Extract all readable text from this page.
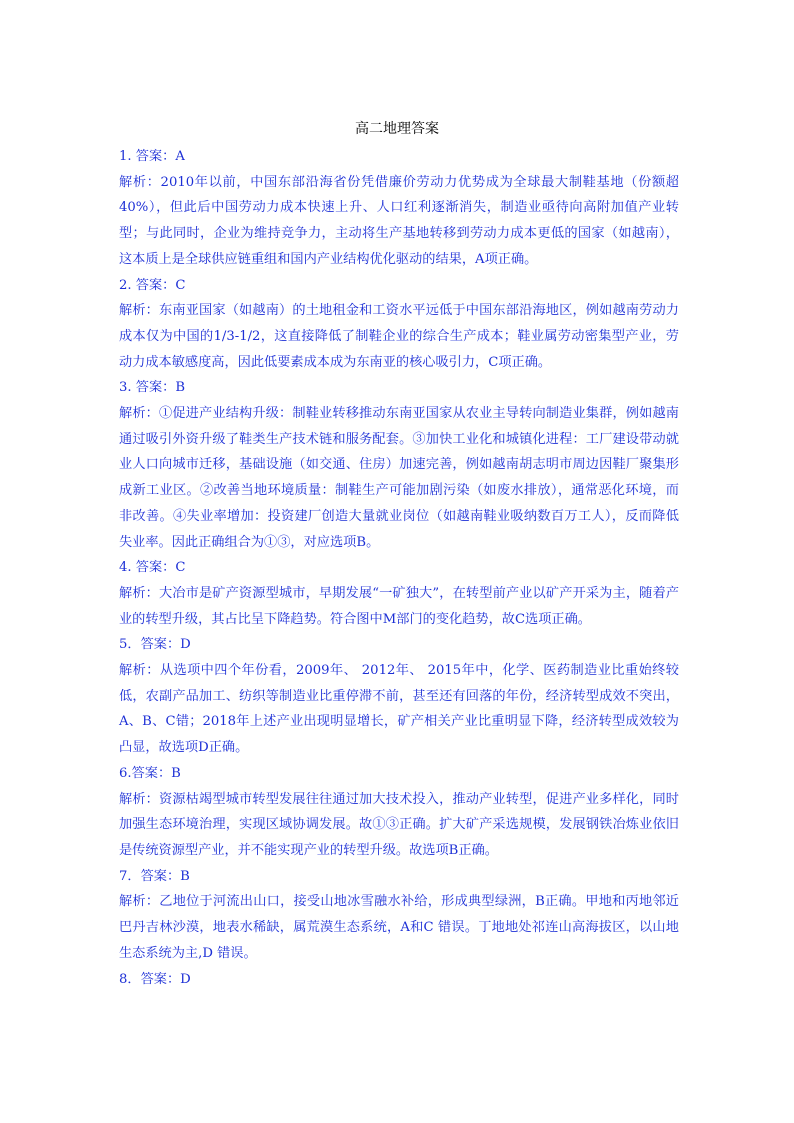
高二地理答案

1. 答案：A

解析：2010年以前，中国东部沿海省份凭借廉价劳动力优势成为全球最大制鞋基地（份额超40%），但此后中国劳动力成本快速上升、人口红利逐渐消失，制造业亟待向高附加值产业转型；与此同时，企业为维持竞争力，主动将生产基地转移到劳动力成本更低的国家（如越南），这本质上是全球供应链重组和国内产业结构优化驱动的结果，A项正确。

2. 答案：C

解析：东南亚国家（如越南）的土地租金和工资水平远低于中国东部沿海地区，例如越南劳动力成本仅为中国的1/3-1/2，这直接降低了制鞋企业的综合生产成本；鞋业属劳动密集型产业，劳动力成本敏感度高，因此低要素成本成为东南亚的核心吸引力，C项正确。

3. 答案：B

解析：①促进产业结构升级：制鞋业转移推动东南亚国家从农业主导转向制造业集群，例如越南通过吸引外资升级了鞋类生产技术链和服务配套。③加快工业化和城镇化进程：工厂建设带动就业人口向城市迁移，基础设施（如交通、住房）加速完善，例如越南胡志明市周边因鞋厂聚集形成新工业区。②改善当地环境质量：制鞋生产可能加剧污染（如废水排放），通常恶化环境，而非改善。④失业率增加：投资建厂创造大量就业岗位（如越南鞋业吸纳数百万工人），反而降低失业率。因此正确组合为①③，对应选项B。

4. 答案：C

解析：大冶市是矿产资源型城市，早期发展“一矿独大”，在转型前产业以矿产开采为主，随着产业的转型升级，其占比呈下降趋势。符合图中M部门的变化趋势，故C选项正确。

5．答案：D

解析：从选项中四个年份看，2009年、 2012年、 2015年中，化学、医药制造业比重始终较低，农副产品加工、纺织等制造业比重停滞不前，甚至还有回落的年份，经济转型成效不突出，A、B、C错；2018年上述产业出现明显增长，矿产相关产业比重明显下降，经济转型成效较为凸显，故选项D正确。

6.答案：B

解析：资源枯竭型城市转型发展往往通过加大技术投入，推动产业转型，促进产业多样化，同时加强生态环境治理，实现区域协调发展。故①③正确。扩大矿产采选规模，发展钢铁冶炼业依旧是传统资源型产业，并不能实现产业的转型升级。故选项B正确。

7．答案：B

解析：乙地位于河流出山口，接受山地冰雪融水补给，形成典型绿洲，B正确。甲地和丙地邻近巴丹吉林沙漠，地表水稀缺，属荒漠生态系统，A和C 错误。丁地地处祁连山高海拔区，以山地生态系统为主,D 错误。

8．答案：D
